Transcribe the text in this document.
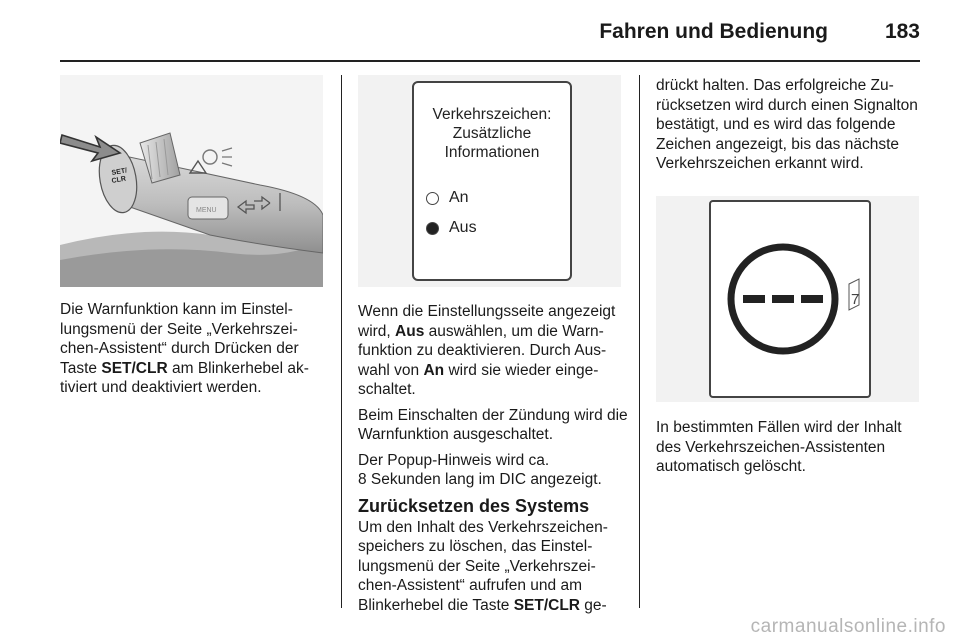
Fahren und Bedienung	183
SET/
CLR
MENU
Verkehrszeichen:
Zusätzliche
Informationen
An
Aus
7

Die Warnfunktion kann im Einstellungsmenü der Seite „Verkehrszeichen-Assistent“ durch Drücken der Taste SET/CLR am Blinkerhebel aktiviert und deaktiviert werden.

Wenn die Einstellungsseite angezeigt wird, Aus auswählen, um die Warnfunktion zu deaktivieren. Durch Auswahl von An wird sie wieder eingeschaltet.

Beim Einschalten der Zündung wird die Warnfunktion ausgeschaltet.

Der Popup-Hinweis wird ca.
8 Sekunden lang im DIC angezeigt.

Zurücksetzen des Systems

Um den Inhalt des Verkehrszeichenspeichers zu löschen, das Einstellungsmenü der Seite „Verkehrszeichen-Assistent“ aufrufen und am Blinkerhebel die Taste SET/CLR ge-

drückt halten. Das erfolgreiche Zurücksetzen wird durch einen Signalton bestätigt, und es wird das folgende Zeichen angezeigt, bis das nächste Verkehrszeichen erkannt wird.

In bestimmten Fällen wird der Inhalt des Verkehrszeichen-Assistenten automatisch gelöscht.

carmanualsonline.info
